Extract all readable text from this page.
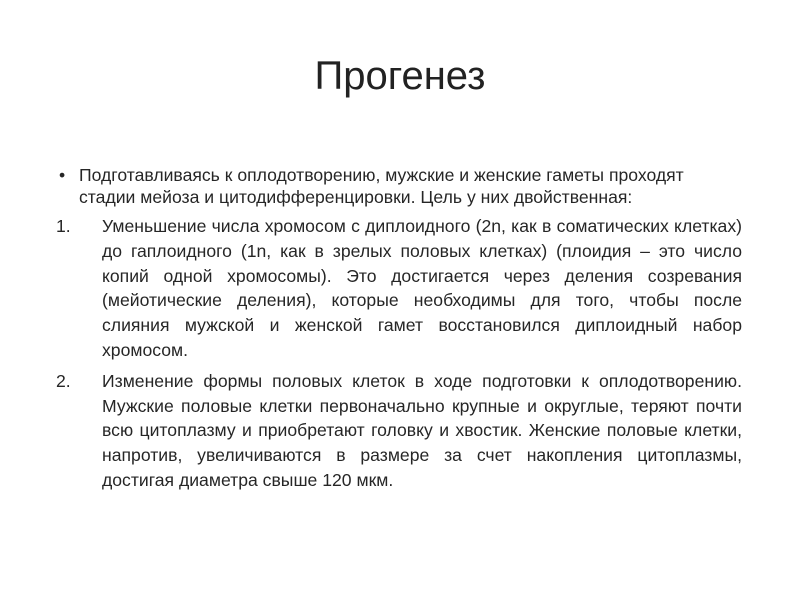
Прогенез
• Подготавливаясь к оплодотворению, мужские и женские гаметы проходят стадии мейоза и цитодифференцировки. Цель у них двойственная:
1. Уменьшение числа хромосом с диплоидного (2n, как в соматических клетках) до гаплоидного (1n, как в зрелых половых клетках) (плоидия – это число копий одной хромосомы). Это достигается через деления созревания (мейотические деления), которые необходимы для того, чтобы после слияния мужской и женской гамет восстановился диплоидный набор хромосом.
2. Изменение формы половых клеток в ходе подготовки к оплодотворению. Мужские половые клетки первоначально крупные и округлые, теряют почти всю цитоплазму и приобретают головку и хвостик. Женские половые клетки, напротив, увеличиваются в размере за счет накопления цитоплазмы, достигая диаметра свыше 120 мкм.
